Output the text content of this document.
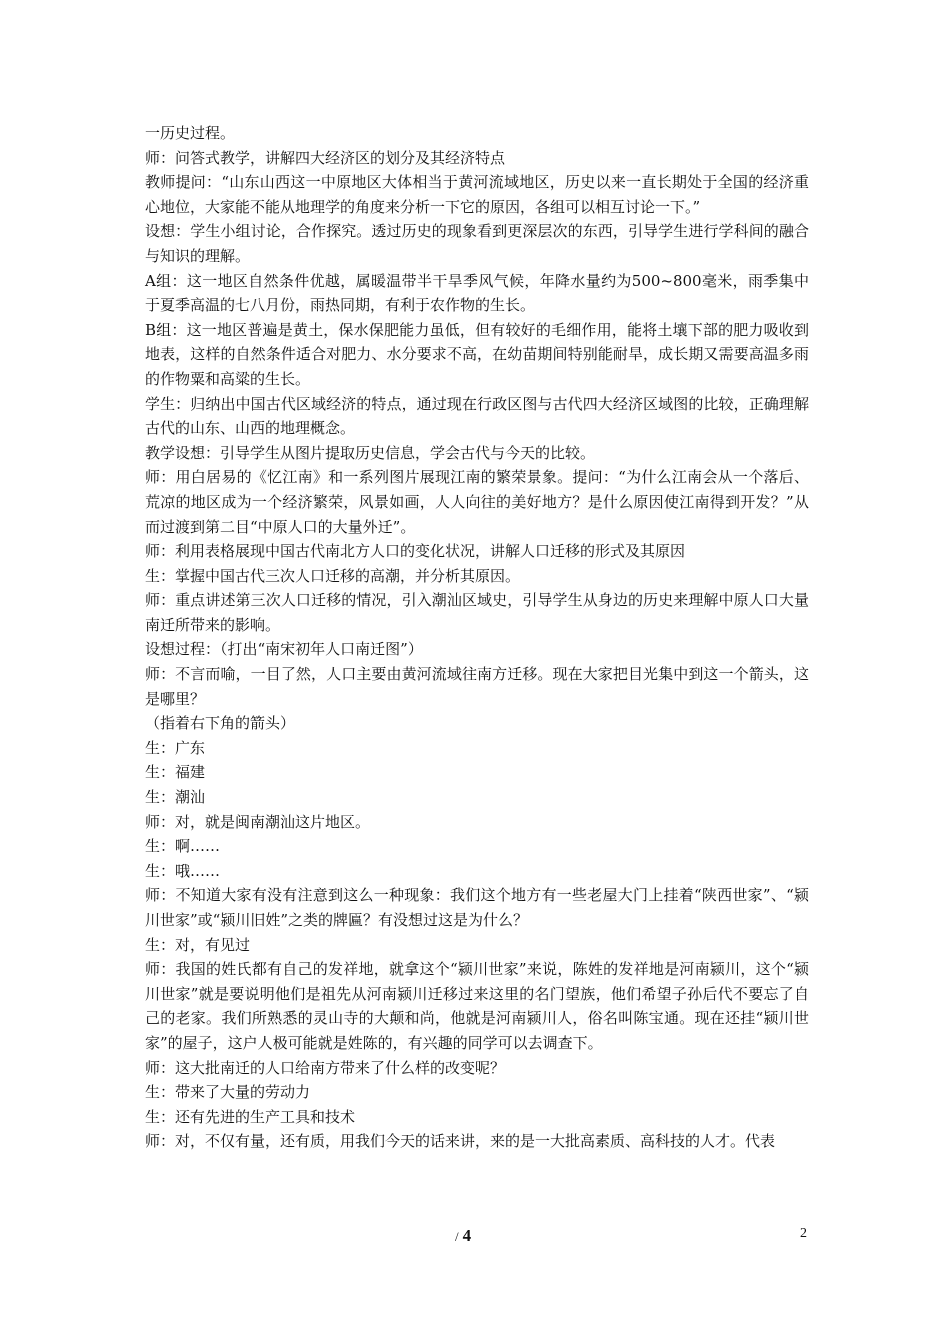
一历史过程。

师：问答式教学，讲解四大经济区的划分及其经济特点

教师提问：“山东山西这一中原地区大体相当于黄河流域地区，历史以来一直长期处于全国的经济重心地位，大家能不能从地理学的角度来分析一下它的原因，各组可以相互讨论一下。”

设想：学生小组讨论，合作探究。透过历史的现象看到更深层次的东西，引导学生进行学科间的融合与知识的理解。

A组：这一地区自然条件优越，属暖温带半干旱季风气候，年降水量约为500~800毫米，雨季集中于夏季高温的七八月份，雨热同期，有利于农作物的生长。

B组：这一地区普遍是黄土，保水保肥能力虽低，但有较好的毛细作用，能将土壤下部的肥力吸收到地表，这样的自然条件适合对肥力、水分要求不高，在幼苗期间特别能耐旱，成长期又需要高温多雨的作物粟和高粱的生长。

学生：归纳出中国古代区域经济的特点，通过现在行政区图与古代四大经济区域图的比较，正确理解古代的山东、山西的地理概念。

教学设想：引导学生从图片提取历史信息，学会古代与今天的比较。

师：用白居易的《忆江南》和一系列图片展现江南的繁荣景象。提问：“为什么江南会从一个落后、荒凉的地区成为一个经济繁荣，风景如画，人人向往的美好地方？是什么原因使江南得到开发？”从而过渡到第二目“中原人口的大量外迁”。

师：利用表格展现中国古代南北方人口的变化状况，讲解人口迁移的形式及其原因

生：掌握中国古代三次人口迁移的高潮，并分析其原因。

师：重点讲述第三次人口迁移的情况，引入潮汕区域史，引导学生从身边的历史来理解中原人口大量南迁所带来的影响。

设想过程：（打出“南宋初年人口南迁图”）

师：不言而喻，一目了然，人口主要由黄河流域往南方迁移。现在大家把目光集中到这一个箭头，这是哪里？

（指着右下角的箭头）

生：广东

生：福建

生：潮汕

师：对，就是闽南潮汕这片地区。

生：啊……

生：哦……

师：不知道大家有没有注意到这么一种现象：我们这个地方有一些老屋大门上挂着“陕西世家”、“颍川世家”或“颍川旧姓”之类的牌匾？有没想过这是为什么？

生：对，有见过

师：我国的姓氏都有自己的发祥地，就拿这个“颍川世家”来说，陈姓的发祥地是河南颍川，这个“颍川世家”就是要说明他们是祖先从河南颍川迁移过来这里的名门望族，他们希望子孙后代不要忘了自己的老家。我们所熟悉的灵山寺的大颠和尚，他就是河南颍川人，俗名叫陈宝通。现在还挂“颍川世家”的屋子，这户人极可能就是姓陈的，有兴趣的同学可以去调查下。

师：这大批南迁的人口给南方带来了什么样的改变呢？

生：带来了大量的劳动力

生：还有先进的生产工具和技术

师：对，不仅有量，还有质，用我们今天的话来讲，来的是一大批高素质、高科技的人才。代表

/ 4	2
